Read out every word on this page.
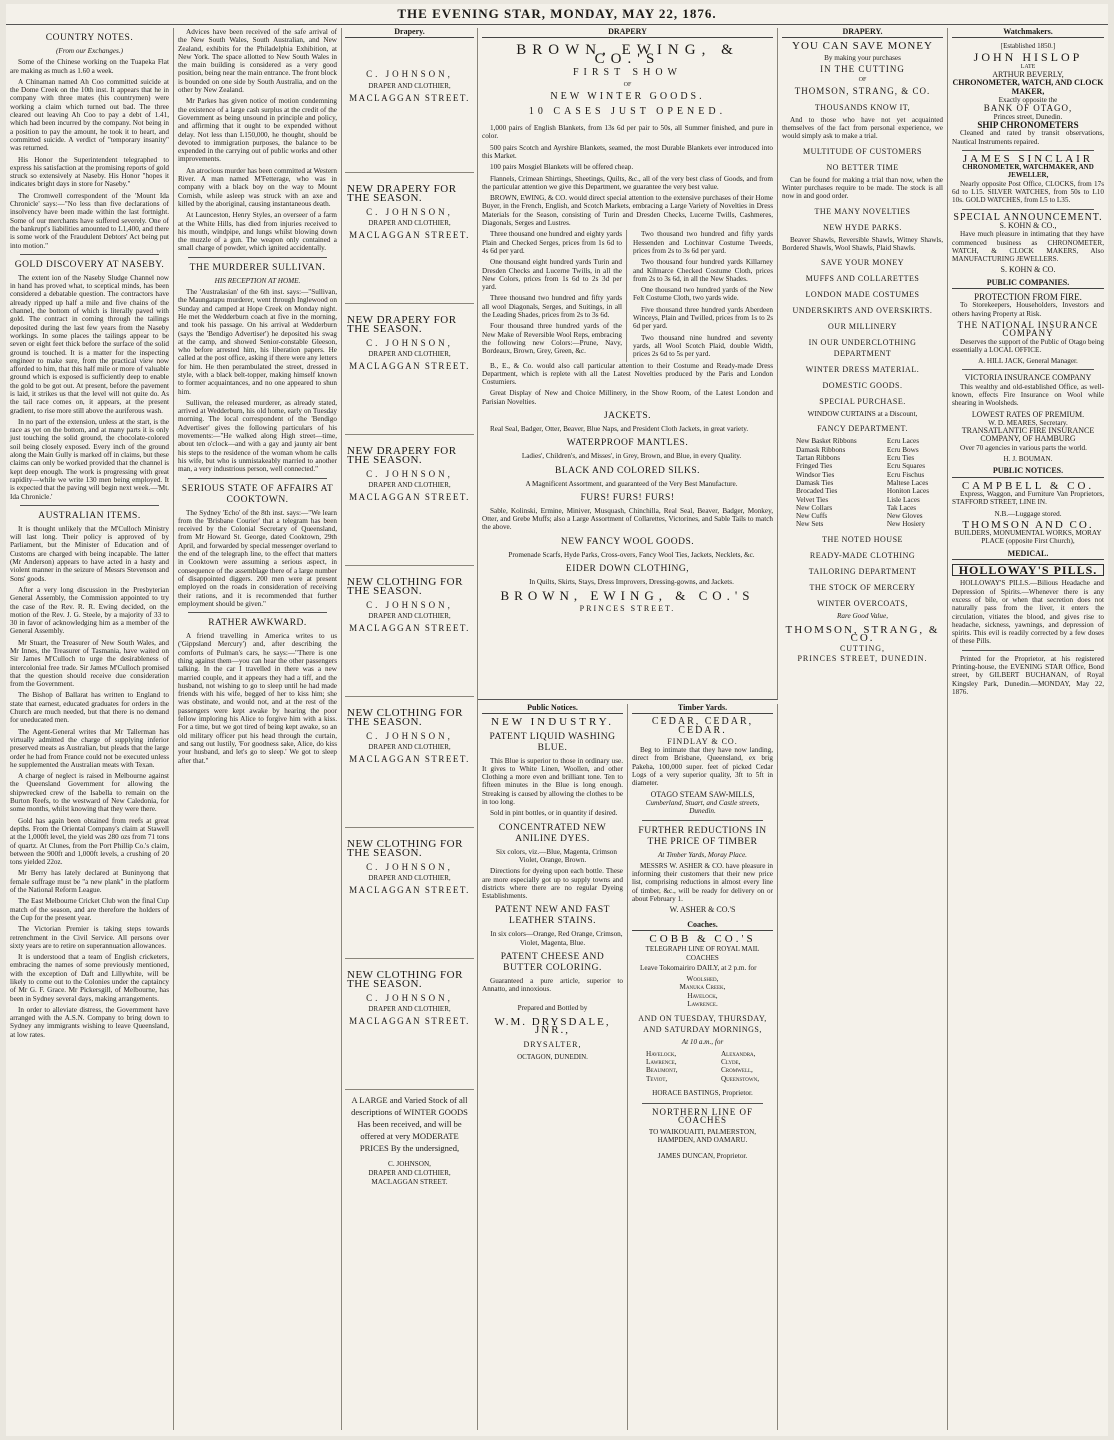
THE EVENING STAR, MONDAY, MAY 22, 1876.
COUNTRY NOTES.
(From our Exchanges.)

Some of the Chinese working on the Tuapeka Flat are making as much as 1.60 a week.

A Chinaman named Ah Coo committed suicide at the Dome Creek on the 10th inst. It appears that he in company with three mates (his countrymen) were working a claim which turned out bad. The three cleared out leaving Ah Coo to pay a debt of 1.41, which had been incurred by the company. Not being in a position to pay the amount, he took it to heart, and committed suicide. A verdict of "temporary insanity" was returned.

His Honor the Superintendent telegraphed to express his satisfaction at the promising reports of gold struck so extensively at Naseby. His Honor "hopes it indicates bright days in store for Naseby."

The Cromwell correspondent of the 'Mount Ida Chronicle' says:—"No less than five declarations of insolvency have been made within the last fortnight. Some of our merchants have suffered severely. One of the bankrupt's liabilities amounted to L1,400, and there is some work of the Fraudulent Debtors' Act being put into motion."

GOLD DISCOVERY AT NASEBY.

The extent ion of the Naseby Sludge Channel now in hand has proved what, to sceptical minds, has been considered a debatable question. The contractors have already ripped up half a mile and five chains of the channel, the bottom of which is literally paved with gold. The contract in coming through the tailings deposited during the last few years from the Naseby workings. In some places the tailings appear to be seven or eight feet thick before the surface of the solid ground is touched. It is a matter for the inspecting engineer to make sure, from the practical view now afforded to him, that this half mile or more of valuable ground which is exposed is sufficiently deep to enable the gold to be got out. At present, before the pavement is laid, it strikes us that the level will not quite do. As the tail race comes on, it appears, at the present gradient, to rise more still above the auriferous wash.

In no part of the extension, unless at the start, is the race as yet on the bottom, and at many parts it is only just touching the solid ground, the chocolate-colored soil being closely exposed. Every inch of the ground along the Main Gully is marked off in claims, but these claims can only be worked provided that the channel is kept deep enough. The work is progressing with great rapidity—while we write 130 men being employed. It is expected that the paving will begin next week.—'Mt. Ida Chronicle.'

AUSTRALIAN ITEMS.

It is thought unlikely that the M'Culloch Ministry will last long. Their policy is approved of by Parliament, but the Minister of Education and of Customs are charged with being incapable. The latter (Mr Anderson) appears to have acted in a hasty and violent manner in the seizure of Messrs Stevenson and Sons' goods.

After a very long discussion in the Presbyterian General Assembly, the Commission appointed to try the case of the Rev. R. R. Ewing decided, on the motion of the Rev. J. G. Steele, by a majority of 33 to 30 in favor of acknowledging him as a member of the General Assembly.

Mr Stuart, the Treasurer of New South Wales, and Mr Innes, the Treasurer of Tasmania, have waited on Sir James M'Culloch to urge the desirableness of intercolonial free trade. Sir James M'Culloch promised that the question should receive due consideration from the Government.

The Bishop of Ballarat has written to England to state that earnest, educated graduates for orders in the Church are much needed, but that there is no demand for uneducated men.

The Agent-General writes that Mr Tallerman has virtually admitted the charge of supplying inferior preserved meats as Australian, but pleads that the large order he had from France could not be executed unless he supplemented the Australian meats with Texan.

A charge of neglect is raised in Melbourne against the Queensland Government for allowing the shipwrecked crew of the Isabella to remain on the Burton Reefs, to the westward of New Caledonia, for some months, whilst knowing that they were there.

Gold has again been obtained from reefs at great depths. From the Oriental Company's claim at Stawell at the 1,000ft level, the yield was 280 ozs from 71 tons of quartz. At Clunes, from the Port Phillip Co.'s claim, between the 900ft and 1,000ft levels, a crushing of 20 tons yielded 22oz.

Mr Berry has lately declared at Buninyong that female suffrage must be "a new plank" in the platform of the National Reform League.

The East Melbourne Cricket Club won the final Cup match of the season, and are therefore the holders of the Cup for the present year.

The Victorian Premier is taking steps towards retrenchment in the Civil Service. All persons over sixty years are to retire on superannuation allowances.

It is understood that a team of English cricketers, embracing the names of some previously mentioned, with the exception of Daft and Lillywhite, will be likely to come out to the Colonies under the captaincy of Mr G. F. Grace. Mr Pickersgill, of Melbourne, has been in Sydney several days, making arrangements.

In order to alleviate distress, the Government have arranged with the A.S.N. Company to bring down to Sydney any immigrants wishing to leave Queensland, at low rates.

Advices have been received of the safe arrival of the New South Wales, South Australian, and New Zealand, exhibits for the Philadelphia Exhibition, at New York. The space allotted to New South Wales in the main building is considered as a very good position, being near the main entrance. The front block is bounded on one side by South Australia, and on the other by New Zealand.

Mr Parkes has given notice of motion condemning the existence of a large cash surplus at the credit of the Government as being unsound in principle and policy, and affirming that it ought to be expended without delay. Not less than L150,000, he thought, should be devoted to immigration purposes, the balance to be expended in the carrying out of public works and other improvements.

An atrocious murder has been committed at Western River. A man named M'Fetterage, who was in company with a black boy on the way to Mount Cornish, while asleep was struck with an axe and killed by the aboriginal, causing instantaneous death.

At Launceston, Henry Styles, an overseer of a farm at the White Hills, has died from injuries received to his mouth, windpipe, and lungs whilst blowing down the muzzle of a gun. The weapon only contained a small charge of powder, which ignited accidentally.

THE MURDERER SULLIVAN.
HIS RECEPTION AT HOME.

The 'Australasian' of the 6th inst. says:—"Sullivan, the Maungatapu murderer, went through Inglewood on Sunday and camped at Hope Creek on Monday night. He met the Wedderburn coach at five in the morning, and took his passage. On his arrival at Wedderburn (says the 'Bendigo Advertiser') he deposited his swag at the camp, and showed Senior-constable Gleeson, who before arrested him, his liberation papers. He called at the post office, asking if there were any letters for him. He then perambulated the street, dressed in style, with a black belt-topper, making himself known to former acquaintances, and no one appeared to shun him.

Sullivan, the released murderer, as already stated, arrived at Wedderburn, his old home, early on Tuesday morning. The local correspondent of the 'Bendigo Advertiser' gives the following particulars of his movements:—"He walked along High street—time, about ten o'clock—and with a gay and jaunty air bent his steps to the residence of the woman whom he calls his wife, but who is unmistakeably married to another man, a very industrious person, well connected."

SERIOUS STATE OF AFFAIRS AT COOKTOWN.

The Sydney 'Echo' of the 8th inst. says:—"We learn from the 'Brisbane Courier' that a telegram has been received by the Colonial Secretary of Queensland, from Mr Howard St. George, dated Cooktown, 29th April, and forwarded by special messenger overland to the end of the telegraph line, to the effect that matters in Cooktown were assuming a serious aspect, in consequence of the assemblage there of a large number of disappointed diggers. 200 men were at present employed on the roads in consideration of receiving their rations, and it is recommended that further employment should be given."

RATHER AWKWARD.

A friend travelling in America writes to us ('Gippsland Mercury') and, after describing the comforts of Pulman's cars, he says:—"There is one thing against them—you can hear the other passengers talking. In the car I travelled in there was a new married couple, and it appears they had a tiff, and the husband, not wishing to go to sleep until he had made friends with his wife, begged of her to kiss him; she was obstinate, and would not, and at the rest of the passengers were kept awake by hearing the poor fellow imploring his Alice to forgive him with a kiss. For a time, but we got tired of being kept awake, so an old military officer put his head through the curtain, and sang out lustily, 'For goodness sake, Alice, do kiss your husband, and let's go to sleep.' We got to sleep after that."

Drapery.
C. JOHNSON,
DRAPER AND CLOTHIER,
MACLAGGAN STREET.
NEW DRAPERY FOR THE SEASON.
C. JOHNSON,
DRAPER AND CLOTHIER,
MACLAGGAN STREET.
NEW DRAPERY FOR THE SEASON.
C. JOHNSON,
DRAPER AND CLOTHIER,
MACLAGGAN STREET.
NEW DRAPERY FOR THE SEASON.
C. JOHNSON,
DRAPER AND CLOTHIER,
MACLAGGAN STREET.
NEW CLOTHING FOR THE SEASON.
C. JOHNSON,
DRAPER AND CLOTHIER,
MACLAGGAN STREET.
NEW CLOTHING FOR THE SEASON.
C. JOHNSON,
DRAPER AND CLOTHIER,
MACLAGGAN STREET.
NEW CLOTHING FOR THE SEASON.
C. JOHNSON,
DRAPER AND CLOTHIER,
MACLAGGAN STREET.
NEW CLOTHING FOR THE SEASON.
C. JOHNSON,
DRAPER AND CLOTHIER,
MACLAGGAN STREET.
A LARGE and Varied Stock of all descriptions of WINTER GOODS Has been received, and will be offered at very MODERATE PRICES By the undersigned,
C. JOHNSON,
DRAPER AND CLOTHIER,
MACLAGGAN STREET.
DRAPERY
BROWN, EWING, & CO.'S
FIRST SHOW
OF
NEW WINTER GOODS.
10 CASES JUST OPENED.

1,000 pairs of English Blankets, from 13s 6d per pair to 50s, all Summer finished, and pure in color.

500 pairs Scotch and Ayrshire Blankets, seamed, the most Durable Blankets ever introduced into this Market.

100 pairs Mosgiel Blankets will be offered cheap.

Flannels, Crimean Shirtings, Sheetings, Quilts, &c., all of the very best class of Goods, and from the particular attention we give this Department, we guarantee the very best value.

BROWN, EWING, & CO. would direct special attention to the extensive purchases of their Home Buyer, in the French, English, and Scotch Markets, embracing a Large Variety of Novelties in Dress Materials for the Season, consisting of Turin and Dresden Checks, Lucerne Twills, Cashmeres, Diagonals, Serges and Lustres.

Three thousand one hundred and eighty yards Plain and Checked Serges, prices from 1s 6d to 4s 6d per yard.

One thousand eight hundred yards Turin and Dresden Checks and Lucerne Twills, in all the New Colors, prices from 1s 6d to 2s 3d per yard.

Three thousand two hundred and fifty yards all wool Diagonals, Serges, and Suitings, in all the Leading Shades, prices from 2s to 3s 6d.

Four thousand three hundred yards of the New Make of Reversible Wool Reps, embracing the following new Colors:—Prune, Navy, Bordeaux, Brown, Grey, Green, &c.

Two thousand two hundred and fifty yards Hessenden and Lochinvar Costume Tweeds, prices from 2s to 3s 6d per yard.

Two thousand four hundred yards Killarney and Kilmarce Checked Costume Cloth, prices from 2s to 3s 6d, in all the New Shades.

One thousand two hundred yards of the New Felt Costume Cloth, two yards wide.

Five thousand three hundred yards Aberdeen Winceys, Plain and Twilled, prices from 1s to 2s 6d per yard.

Two thousand nine hundred and seventy yards, all Wool Scotch Plaid, double Width, prices 2s 6d to 5s per yard.

B., E., & Co. would also call particular attention to their Costume and Ready-made Dress Department, which is replete with all the Latest Novelties produced by the Paris and London Costumiers.

Great Display of New and Choice Millinery, in the Show Room, of the Latest London and Parisian Novelties.

JACKETS.

Real Seal, Badger, Otter, Beaver, Blue Naps, and President Cloth Jackets, in great variety.

WATERPROOF MANTLES.

Ladies', Children's, and Misses', in Grey, Brown, and Blue, in every Quality.

BLACK AND COLORED SILKS.

A Magnificent Assortment, and guaranteed of the Very Best Manufacture.

FURS! FURS! FURS!

Sable, Kolinski, Ermine, Miniver, Musquash, Chinchilla, Real Seal, Beaver, Badger, Monkey, Otter, and Grebe Muffs; also a Large Assortment of Collarettes, Victorines, and Sable Tails to match the above.

NEW FANCY WOOL GOODS.

Promenade Scarfs, Hyde Parks, Cross-overs, Fancy Wool Ties, Jackets, Necklets, &c.

EIDER DOWN CLOTHING,

In Quilts, Skirts, Stays, Dress Improvers, Dressing-gowns, and Jackets.

BROWN, EWING, & CO.'S
PRINCES STREET.
Public Notices.
NEW INDUSTRY.
PATENT LIQUID WASHING BLUE.

This Blue is superior to those in ordinary use. It gives to White Linen, Woollen, and other Clothing a more even and brilliant tone. Ten to fifteen minutes in the Blue is long enough. Streaking is caused by allowing the clothes to be in too long.

Sold in pint bottles, or in quantity if desired.

CONCENTRATED NEW ANILINE DYES.

Six colors, viz.—Blue, Magenta, Crimson Violet, Orange, Brown.

Directions for dyeing upon each bottle. These are more especially got up to supply towns and districts where there are no regular Dyeing Establishments.

PATENT NEW AND FAST LEATHER STAINS.

In six colors—Orange, Red Orange, Crimson, Violet, Magenta, Blue.

PATENT CHEESE AND BUTTER COLORING.

Guaranteed a pure article, superior to Annatto, and innoxious.

Prepared and Bottled by
W.M. DRYSDALE, JNR.,
DRYSALTER,
OCTAGON, DUNEDIN.
Timber Yards.
CEDAR, CEDAR, CEDAR.
FINDLAY & CO.

Beg to intimate that they have now landing, direct from Brisbane, Queensland, ex brig Pakeha, 100,000 super. feet of picked Cedar Logs of a very superior quality, 3ft to 5ft in diameter.

OTAGO STEAM SAW-MILLS,
Cumberland, Stuart, and Castle streets, Dunedin.
FURTHER REDUCTIONS IN THE PRICE OF TIMBER
At Timber Yards, Moray Place.

MESSRS W. ASHER & CO. have pleasure in informing their customers that their new price list, comprising reductions in almost every line of timber, &c., will be ready for delivery on or about February 1.

W. ASHER & CO.'S
Coaches.
COBB & CO.'S
TELEGRAPH LINE OF ROYAL MAIL COACHES

Leave Tokomairiro DAILY, at 2 p.m. for

Woolshed,
Manuka Creek,
Havelock,
Lawrence.
AND ON TUESDAY, THURSDAY, AND SATURDAY MORNINGS,
At 10 a.m., for
Havelock,
Lawrence,
Beaumont,
Teviot,
Alexandra,
Clyde,
Cromwell,
Queenstown,
HORACE BASTINGS, Proprietor.
NORTHERN LINE OF COACHES
TO WAIKOUAITI, PALMERSTON, HAMPDEN, AND OAMARU.
JAMES DUNCAN, Proprietor.
DRAPERY.
YOU CAN SAVE MONEY
By making your purchases
IN THE CUTTING
OF
THOMSON, STRANG, & CO.
THOUSANDS KNOW IT,

And to those who have not yet acquainted themselves of the fact from personal experience, we would simply ask to make a trial.

MULTITUDE OF CUSTOMERS
NO BETTER TIME

Can be found for making a trial than now, when the Winter purchases require to be made. The stock is all now in and good order.

THE MANY NOVELTIES
NEW HYDE PARKS.

Beaver Shawls, Reversible Shawls, Witney Shawls, Bordered Shawls, Wool Shawls, Plaid Shawls.

SAVE YOUR MONEY
MUFFS AND COLLARETTES
LONDON MADE COSTUMES
UNDERSKIRTS AND OVERSKIRTS.
OUR MILLINERY
IN OUR UNDERCLOTHING DEPARTMENT
WINTER DRESS MATERIAL.
DOMESTIC GOODS.
SPECIAL PURCHASE.
WINDOW CURTAINS at a Discount,
FANCY DEPARTMENT.
New Basket Ribbons
Damask Ribbons
Tartan Ribbons
Fringed Ties
Windsor Ties
Damask Ties
Brocaded Ties
Velvet Ties
New Collars
New Cuffs
New Sets
Ecru Laces
Ecru Bows
Ecru Ties
Ecru Squares
Ecru Fischus
Maltese Laces
Honiton Laces
Lisle Laces
Tak Laces
New Gloves
New Hosiery
THE NOTED HOUSE
READY-MADE CLOTHING
TAILORING DEPARTMENT
THE STOCK OF MERCERY
WINTER OVERCOATS,
Rare Good Value,
THOMSON, STRANG, & CO.
CUTTING,
PRINCES STREET, DUNEDIN.
Watchmakers.
[Established 1850.]
JOHN HISLOP
LATE
ARTHUR BEVERLY,
CHRONOMETER, WATCH, AND CLOCK MAKER,
Exactly opposite the
BANK OF OTAGO,
Princes street, Dunedin.
SHIP CHRONOMETERS

Cleaned and rated by transit observations, Nautical Instruments repaired.

JAMES SINCLAIR
CHRONOMETER, WATCHMAKER, AND JEWELLER,

Nearly opposite Post Office, CLOCKS, from 17s 6d to L15. SILVER WATCHES, from 50s to L10 10s. GOLD WATCHES, from L5 to L35.

SPECIAL ANNOUNCEMENT.
S. KOHN & CO.,

Have much pleasure in intimating that they have commenced business as CHRONOMETER, WATCH, & CLOCK MAKERS, Also MANUFACTURING JEWELLERS.

S. KOHN & CO.
PUBLIC COMPANIES.
PROTECTION FROM FIRE.

To Storekeepers, Householders, Investors and others having Property at Risk.

THE NATIONAL INSURANCE COMPANY

Deserves the support of the Public of Otago being essentially a LOCAL OFFICE.

A. HILL JACK, General Manager.
VICTORIA INSURANCE COMPANY

This wealthy and old-established Office, as well-known, effects Fire Insurance on Wool while shearing in Woolsheds.

LOWEST RATES OF PREMIUM.
W. D. MEARES, Secretary.
TRANSATLANTIC FIRE INSURANCE COMPANY, OF HAMBURG

Over 70 agencies in various parts the world.

H. J. BOUMAN.
PUBLIC NOTICES.
CAMPBELL & CO.

Express, Waggon, and Furniture Van Proprietors, STAFFORD STREET, LINE IN.

N.B.—Luggage stored.
THOMSON AND CO.
BUILDERS, MONUMENTAL WORKS, MORAY PLACE (opposite First Church),
MEDICAL.
HOLLOWAY'S PILLS.

HOLLOWAY'S PILLS.—Bilious Headache and Depression of Spirits.—Whenever there is any excess of bile, or when that secretion does not naturally pass from the liver, it enters the circulation, vitiates the blood, and gives rise to headache, sickness, yawnings, and depression of spirits. This evil is readily corrected by a few doses of these Pills.

Printed for the Proprietor, at his registered Printing-house, the EVENING STAR Office, Bond street, by GILBERT BUCHANAN, of Royal Kingsley Park, Dunedin.—MONDAY, May 22, 1876.
